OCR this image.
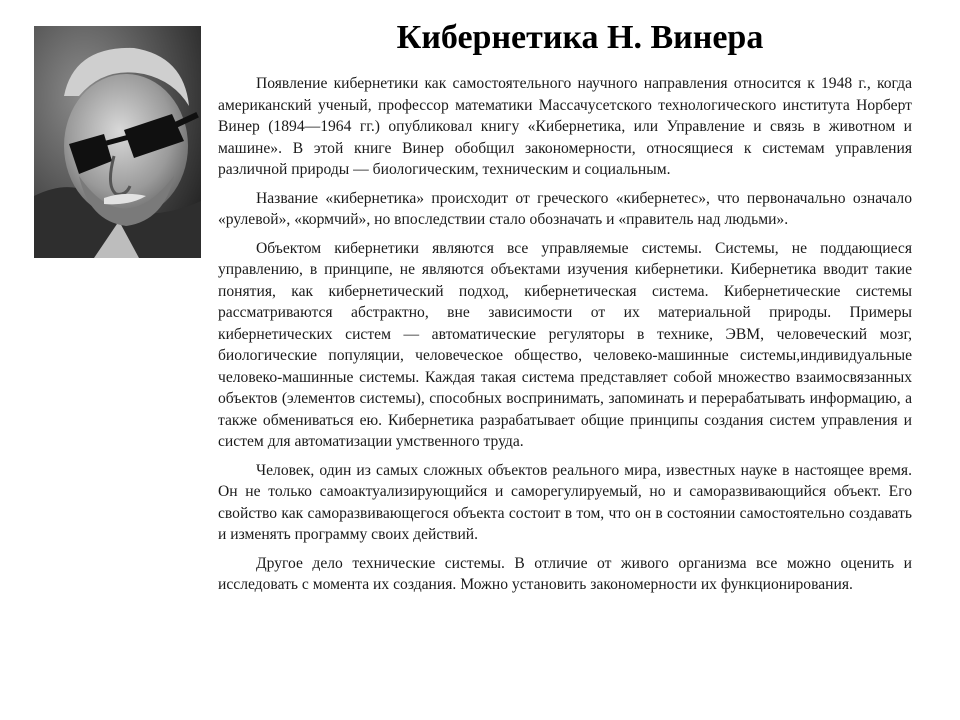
Кибернетика Н. Винера

Появление кибернетики как самостоятельного научного направления относится к 1948 г., когда американский ученый, профессор математики Массачусетского технологического института Норберт Винер (1894—1964 гг.) опубликовал книгу «Кибернетика, или Управление и связь в животном и машине». В этой книге Винер обобщил закономерности, относящиеся к системам управления различной природы — биологическим, техническим и социальным.

Название «кибернетика» происходит от греческого «кибернетес», что первоначально означало «рулевой», «кормчий», но впоследствии стало обозначать и «правитель над людьми».

Объектом кибернетики являются все управляемые системы. Системы, не поддающиеся управлению, в принципе, не являются объектами изучения кибернетики. Кибернетика вводит такие понятия, как кибернетический подход, кибернетическая система. Кибернетические системы рассматриваются абстрактно, вне зависимости от их материальной природы. Примеры кибернетических систем — автоматические регуляторы в технике, ЭВМ, человеческий мозг, биологические популяции, человеческое общество, человеко-машинные системы,индивидуальные человеко-машинные системы. Каждая такая система представляет собой множество взаимосвязанных объектов (элементов системы), способных воспринимать, запоминать и перерабатывать информацию, а также обмениваться ею. Кибернетика разрабатывает общие принципы создания систем управления и систем для автоматизации умственного труда.

Человек, один из самых сложных объектов реального мира, известных науке в настоящее время. Он не только самоактуализирующийся и саморегулируемый, но и саморазвивающийся объект. Его свойство как саморазвивающегося объекта состоит в том, что он в состоянии самостоятельно создавать и изменять программу своих действий.

Другое дело технические системы. В отличие от живого организма все можно оценить и исследовать с момента их создания. Можно установить закономерности их функционирования.
